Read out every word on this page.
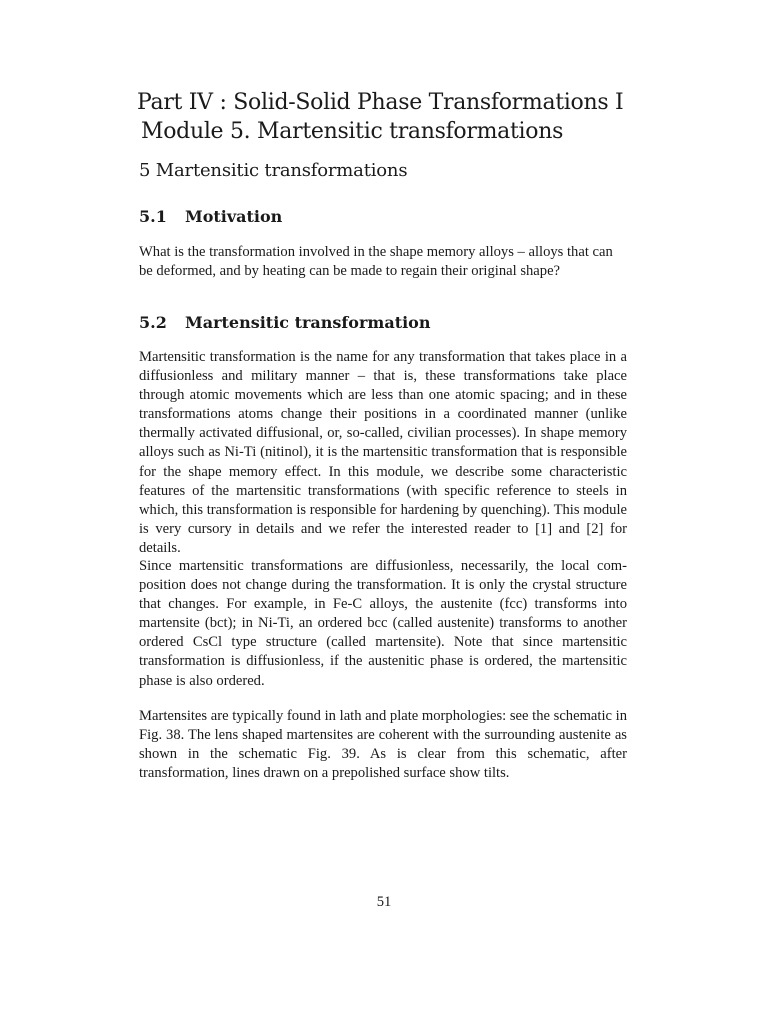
Part IV : Solid-Solid Phase Transformations I
Module 5. Martensitic transformations
5 Martensitic transformations
5.1 Motivation

What is the transformation involved in the shape memory alloys – alloys that can be deformed, and by heating can be made to regain their original shape?

5.2 Martensitic transformation

Martensitic transformation is the name for any transformation that takes place in a diffusionless and military manner – that is, these transformations take place through atomic movements which are less than one atomic spacing; and in these transformations atoms change their positions in a coordinated manner (unlike thermally activated diffusional, or, so-called, civilian processes). In shape memory alloys such as Ni-Ti (nitinol), it is the martensitic transformation that is responsible for the shape memory effect. In this module, we describe some characteristic features of the martensitic transformations (with specific reference to steels in which, this transformation is responsible for hardening by quenching). This module is very cursory in details and we refer the interested reader to [1] and [2] for details.

Since martensitic transformations are diffusionless, necessarily, the local composition does not change during the transformation. It is only the crystal structure that changes. For example, in Fe-C alloys, the austenite (fcc) transforms into martensite (bct); in Ni-Ti, an ordered bcc (called austenite) transforms to another ordered CsCl type structure (called martensite). Note that since martensitic transformation is diffusionless, if the austenitic phase is ordered, the martensitic phase is also ordered.

Martensites are typically found in lath and plate morphologies: see the schematic in Fig. 38. The lens shaped martensites are coherent with the surrounding austenite as shown in the schematic Fig. 39. As is clear from this schematic, after transformation, lines drawn on a prepolished surface show tilts.

51
